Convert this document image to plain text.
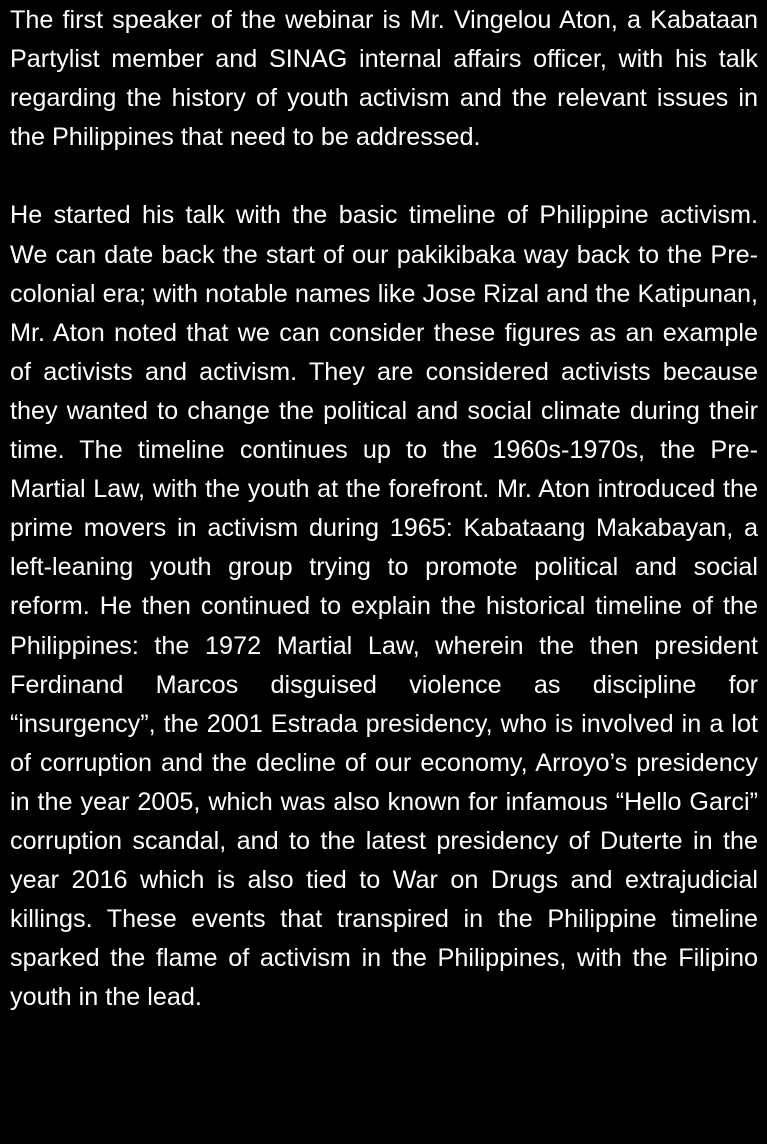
The first speaker of the webinar is Mr. Vingelou Aton, a Kabataan Partylist member and SINAG internal affairs officer, with his talk regarding the history of youth activism and the relevant issues in the Philippines that need to be addressed.

He started his talk with the basic timeline of Philippine activism. We can date back the start of our pakikibaka way back to the Pre-colonial era; with notable names like Jose Rizal and the Katipunan, Mr. Aton noted that we can consider these figures as an example of activists and activism. They are considered activists because they wanted to change the political and social climate during their time. The timeline continues up to the 1960s-1970s, the Pre-Martial Law, with the youth at the forefront. Mr. Aton introduced the prime movers in activism during 1965: Kabataang Makabayan, a left-leaning youth group trying to promote political and social reform. He then continued to explain the historical timeline of the Philippines: the 1972 Martial Law, wherein the then president Ferdinand Marcos disguised violence as discipline for “insurgency”, the 2001 Estrada presidency, who is involved in a lot of corruption and the decline of our economy, Arroyo’s presidency in the year 2005, which was also known for infamous “Hello Garci” corruption scandal, and to the latest presidency of Duterte in the year 2016 which is also tied to War on Drugs and extrajudicial killings. These events that transpired in the Philippine timeline sparked the flame of activism in the Philippines, with the Filipino youth in the lead.
